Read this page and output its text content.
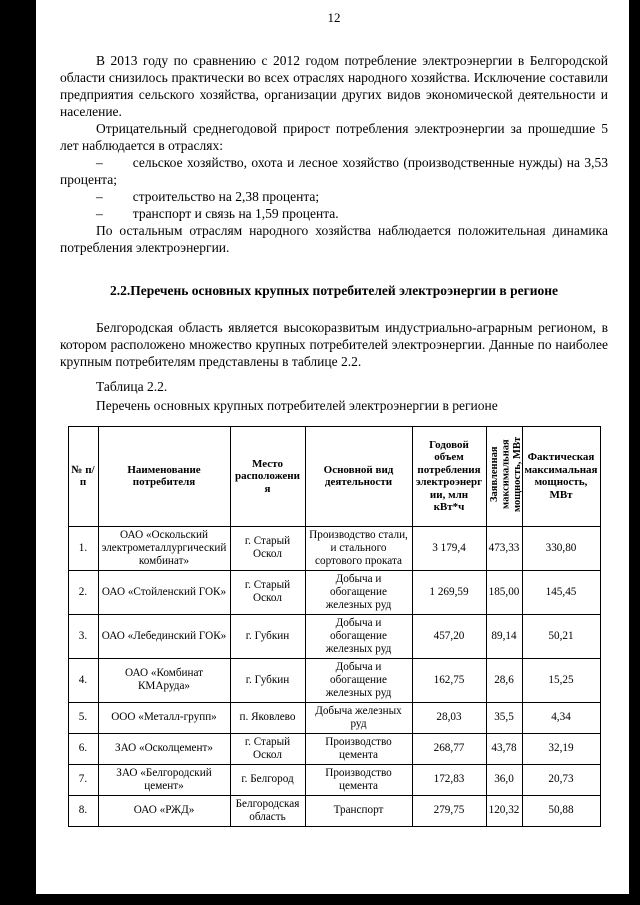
12

В 2013 году по сравнению с 2012 годом потребление электроэнергии в Белгородской области снизилось практически во всех отраслях народного хозяйства. Исключение составили предприятия сельского хозяйства, организации других видов экономической деятельности и население.

Отрицательный среднегодовой прирост потребления электроэнергии за прошедшие 5 лет наблюдается в отраслях:

– сельское хозяйство, охота и лесное хозяйство (производственные нужды) на 3,53 процента;

– строительство на 2,38 процента;

– транспорт и связь на 1,59 процента.

По остальным отраслям народного хозяйства наблюдается положительная динамика потребления электроэнергии.

2.2.Перечень основных крупных потребителей электроэнергии в регионе

Белгородская область является высокоразвитым индустриально-аграрным регионом, в котором расположено множество крупных потребителей электроэнергии. Данные по наиболее крупным потребителям представлены в таблице 2.2.

Таблица 2.2.

Перечень основных крупных потребителей электроэнергии в регионе

№ п/п	Наименование потребителя	Место расположения	Основной вид деятельности	Годовой объем потребления электроэнергии, млн кВт*ч	Заявленная максимальная мощность, МВт	Фактическая максимальная мощность, МВт
1.	ОАО «Оскольский электрометаллургический комбинат»	г. Старый Оскол	Производство стали, и стального сортового проката	3 179,4	473,33	330,80
2.	ОАО «Стойленский ГОК»	г. Старый Оскол	Добыча и обогащение железных руд	1 269,59	185,00	145,45
3.	ОАО «Лебединский ГОК»	г. Губкин	Добыча и обогащение железных руд	457,20	89,14	50,21
4.	ОАО «Комбинат КМАруда»	г. Губкин	Добыча и обогащение железных руд	162,75	28,6	15,25
5.	ООО «Металл-групп»	п. Яковлево	Добыча железных руд	28,03	35,5	4,34
6.	ЗАО «Осколцемент»	г. Старый Оскол	Производство цемента	268,77	43,78	32,19
7.	ЗАО «Белгородский цемент»	г. Белгород	Производство цемента	172,83	36,0	20,73
8.	ОАО «РЖД»	Белгородская область	Транспорт	279,75	120,32	50,88
